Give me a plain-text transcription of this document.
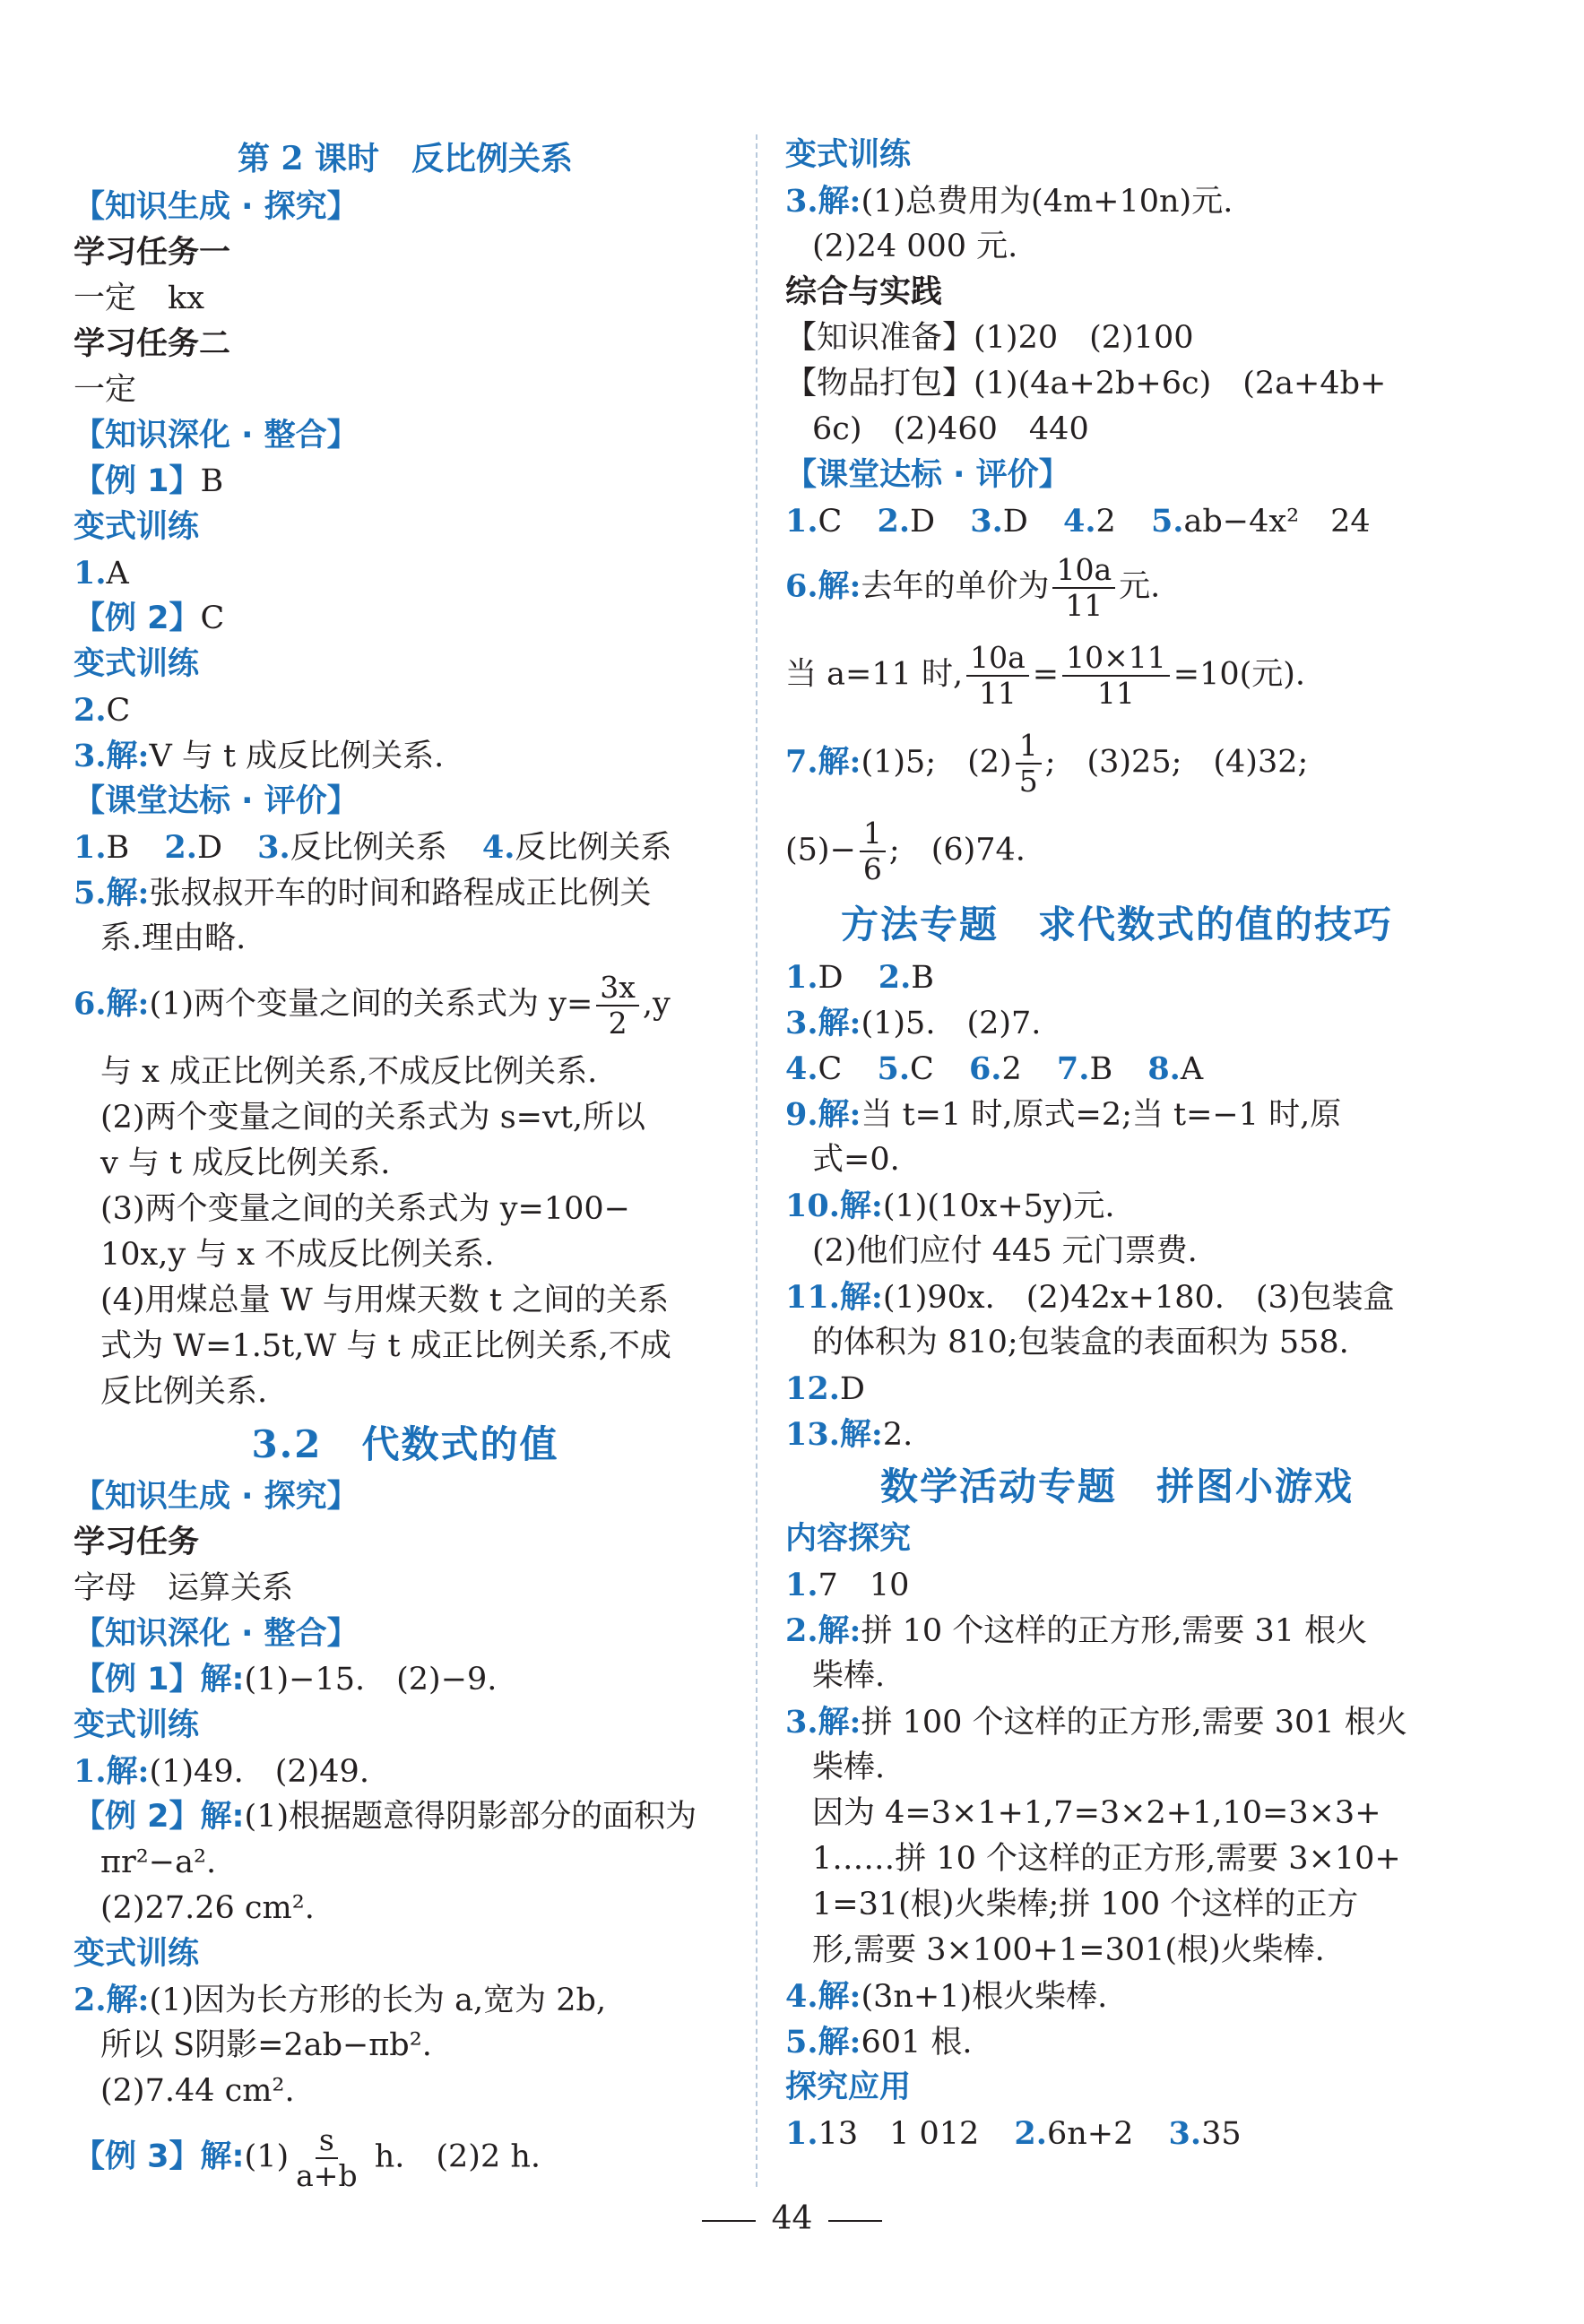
第 2 课时　反比例关系
【知识生成 · 探究】
学习任务一
一定　kx
学习任务二
一定
【知识深化 · 整合】
【例 1】B
变式训练
1.A
【例 2】C
变式训练
2.C
3.解:V 与 t 成反比例关系.
【课堂达标 · 评价】
1.B 2.D 3.反比例关系 4.反比例关系
5.解:张叔叔开车的时间和路程成正比例关
系.理由略.
6.解:(1)两个变量之间的关系式为 $y= \frac{3x}{2} ,y$
与 x 成正比例关系,不成反比例关系.
(2)两个变量之间的关系式为 s=vt,所以
v 与 t 成反比例关系.
(3)两个变量之间的关系式为 y=100−
10x,y 与 x 不成反比例关系.
(4)用煤总量 W 与用煤天数 t 之间的关系
式为 W=1.5t,W 与 t 成正比例关系,不成
反比例关系.
3.2　代数式的值
【知识生成 · 探究】
学习任务
字母　运算关系
【知识深化 · 整合】
【例 1】解:(1)−15.　(2)−9.
变式训练
1.解:(1)49.　(2)49.
【例 2】解:(1)根据题意得阴影部分的面积为
πr²−a².
(2)27.26 cm².
变式训练
2.解:(1)因为长方形的长为 a,宽为 2b,
所以 S阴影=2ab−πb².
(2)7.44 cm².
【例 3】解:(1) $\frac{s}{a+b} h$.　(2)2 h.
变式训练
3.解:(1)总费用为(4m+10n)元.
(2)24 000 元.
综合与实践
【知识准备】(1)20　(2)100
【物品打包】(1)(4a+2b+6c)　(2a+4b+
6c)　(2)460　440
【课堂达标 · 评价】
1.C 2.D 3.D 4.2 5.ab−4x²　24
6.解:去年的单价为 $\frac{10a}{11}$ 元.
当 a=11 时, $\frac{10a}{11} = \frac{10\times 11}{11} =10$(元).
7.解:(1)5;　$(2) \frac{1}{5}$ ;　(3)25;　(4)32;
$(5)- \frac{1}{6}$ ;　(6)74.
方法专题　求代数式的值的技巧
1.D 2.B
3.解:(1)5.　(2)7.
4.C 5.C 6.2 7.B 8.A
9.解:当 t=1 时,原式=2;当 t=−1 时,原
式=0.
10.解:(1)(10x+5y)元.
(2)他们应付 445 元门票费.
11.解:(1)90x.　(2)42x+180.　(3)包装盒
的体积为 810;包装盒的表面积为 558.
12.D
13.解:2.
数学活动专题　拼图小游戏
内容探究
1.7　10
2.解:拼 10 个这样的正方形,需要 31 根火
柴棒.
3.解:拼 100 个这样的正方形,需要 301 根火
柴棒.
因为 4=3×1+1,7=3×2+1,10=3×3+
1……拼 10 个这样的正方形,需要 3×10+
1=31(根)火柴棒;拼 100 个这样的正方
形,需要 3×100+1=301(根)火柴棒.
4.解:(3n+1)根火柴棒.
5.解:601 根.
探究应用
1.13　1 012 2.6n+2 3.35
44
